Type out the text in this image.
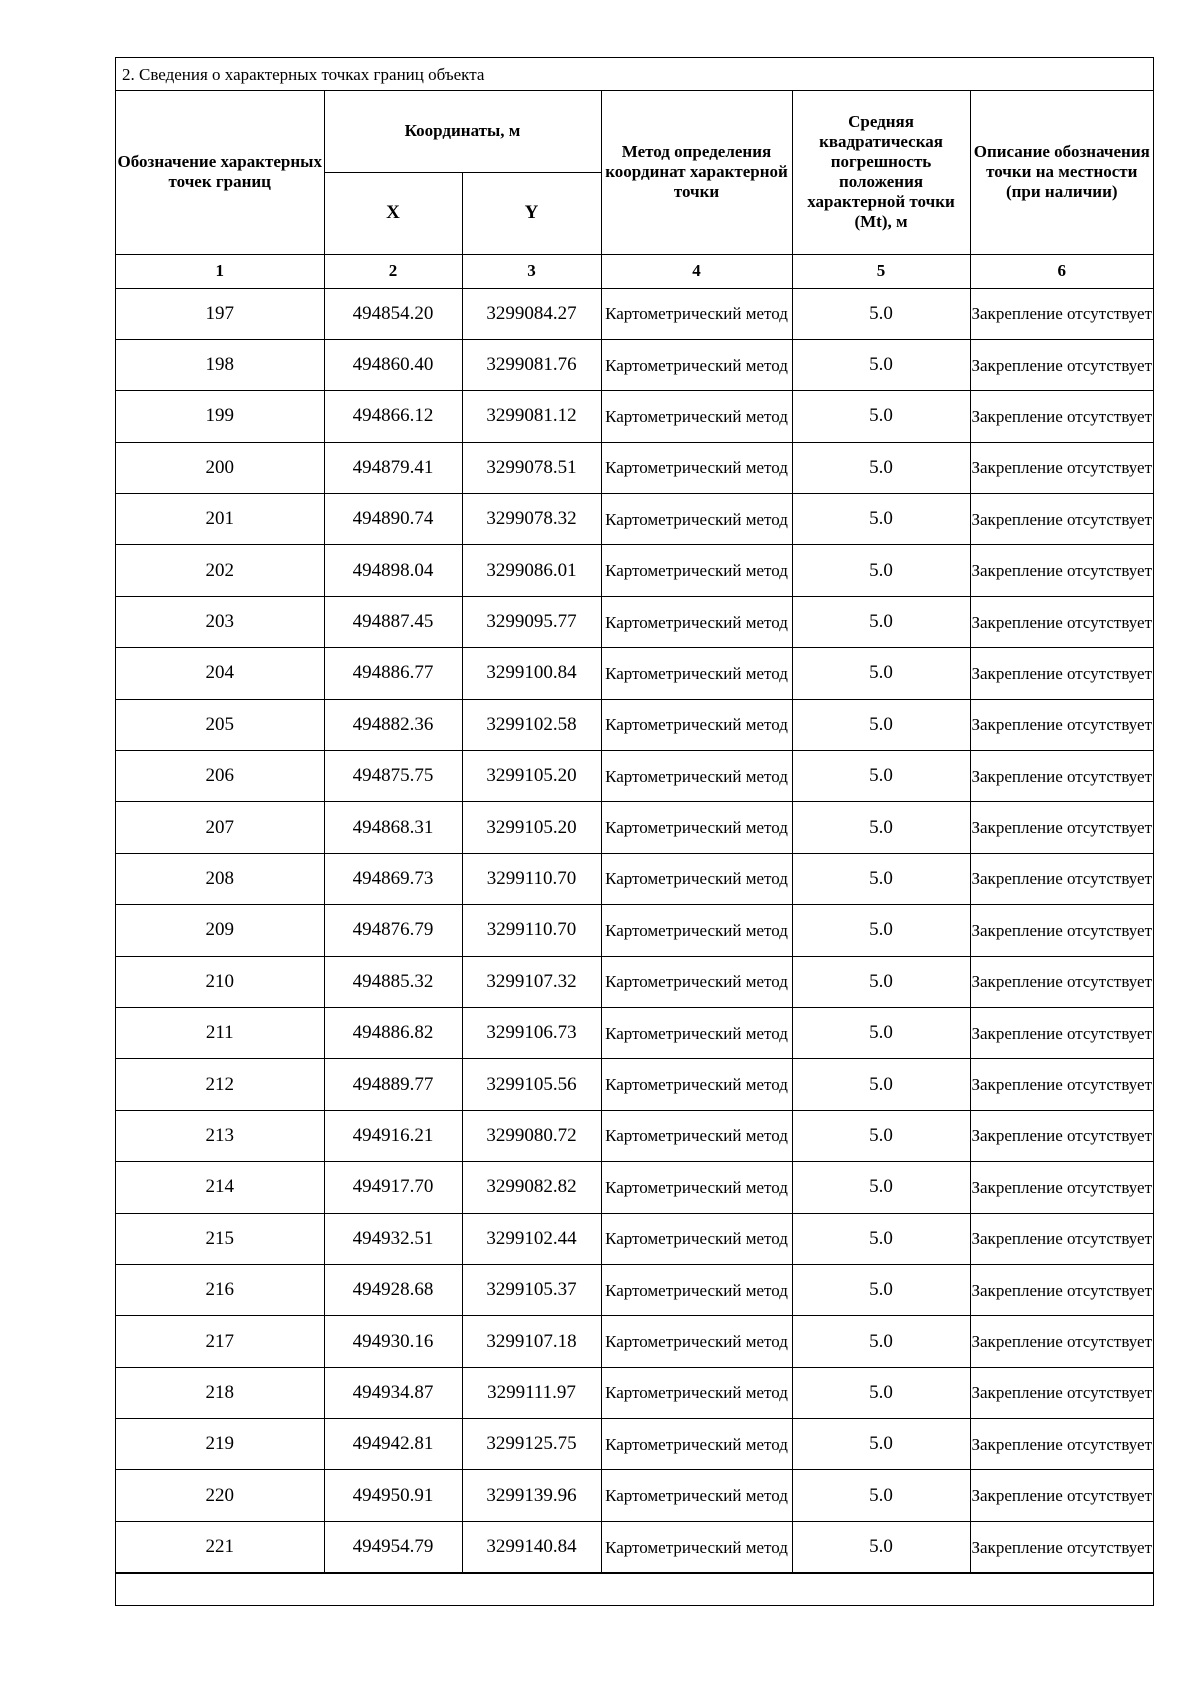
2. Сведения о характерных точках границ объекта
Обозначение характерных точек границ	Координаты, м		Метод определения координат характерной точки	Средняя квадратическая погрешность положения характерной точки (Mt), м	Описание обозначения точки на местности (при наличии)
	X	Y			
1	2	3	4	5	6
197	494854.20	3299084.27	Картометрический метод	5.0	Закрепление отсутствует
198	494860.40	3299081.76	Картометрический метод	5.0	Закрепление отсутствует
199	494866.12	3299081.12	Картометрический метод	5.0	Закрепление отсутствует
200	494879.41	3299078.51	Картометрический метод	5.0	Закрепление отсутствует
201	494890.74	3299078.32	Картометрический метод	5.0	Закрепление отсутствует
202	494898.04	3299086.01	Картометрический метод	5.0	Закрепление отсутствует
203	494887.45	3299095.77	Картометрический метод	5.0	Закрепление отсутствует
204	494886.77	3299100.84	Картометрический метод	5.0	Закрепление отсутствует
205	494882.36	3299102.58	Картометрический метод	5.0	Закрепление отсутствует
206	494875.75	3299105.20	Картометрический метод	5.0	Закрепление отсутствует
207	494868.31	3299105.20	Картометрический метод	5.0	Закрепление отсутствует
208	494869.73	3299110.70	Картометрический метод	5.0	Закрепление отсутствует
209	494876.79	3299110.70	Картометрический метод	5.0	Закрепление отсутствует
210	494885.32	3299107.32	Картометрический метод	5.0	Закрепление отсутствует
211	494886.82	3299106.73	Картометрический метод	5.0	Закрепление отсутствует
212	494889.77	3299105.56	Картометрический метод	5.0	Закрепление отсутствует
213	494916.21	3299080.72	Картометрический метод	5.0	Закрепление отсутствует
214	494917.70	3299082.82	Картометрический метод	5.0	Закрепление отсутствует
215	494932.51	3299102.44	Картометрический метод	5.0	Закрепление отсутствует
216	494928.68	3299105.37	Картометрический метод	5.0	Закрепление отсутствует
217	494930.16	3299107.18	Картометрический метод	5.0	Закрепление отсутствует
218	494934.87	3299111.97	Картометрический метод	5.0	Закрепление отсутствует
219	494942.81	3299125.75	Картометрический метод	5.0	Закрепление отсутствует
220	494950.91	3299139.96	Картометрический метод	5.0	Закрепление отсутствует
221	494954.79	3299140.84	Картометрический метод	5.0	Закрепление отсутствует
